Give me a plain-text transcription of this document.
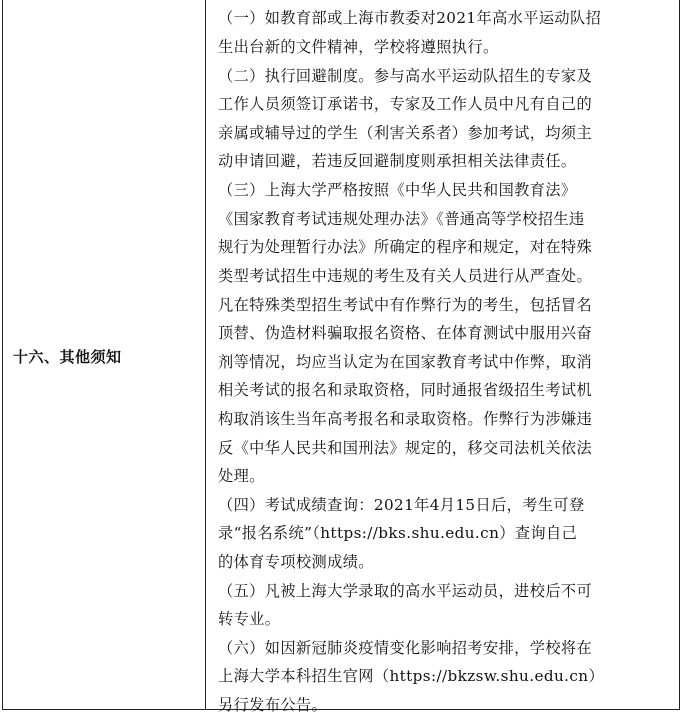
十六、其他须知
（一）如教育部或上海市教委对2021年高水平运动队招
生出台新的文件精神，学校将遵照执行。
（二）执行回避制度。参与高水平运动队招生的专家及
工作人员须签订承诺书，专家及工作人员中凡有自己的
亲属或辅导过的学生（利害关系者）参加考试，均须主
动申请回避，若违反回避制度则承担相关法律责任。
（三）上海大学严格按照《中华人民共和国教育法》
《国家教育考试违规处理办法》《普通高等学校招生违
规行为处理暂行办法》所确定的程序和规定，对在特殊
类型考试招生中违规的考生及有关人员进行从严查处。
凡在特殊类型招生考试中有作弊行为的考生，包括冒名
顶替、伪造材料骗取报名资格、在体育测试中服用兴奋
剂等情况，均应当认定为在国家教育考试中作弊，取消
相关考试的报名和录取资格，同时通报省级招生考试机
构取消该生当年高考报名和录取资格。作弊行为涉嫌违
反《中华人民共和国刑法》规定的，移交司法机关依法
处理。
（四）考试成绩查询：2021年4月15日后，考生可登
录“报名系统”（https://bks.shu.edu.cn）查询自己
的体育专项校测成绩。
（五）凡被上海大学录取的高水平运动员，进校后不可
转专业。
（六）如因新冠肺炎疫情变化影响招考安排，学校将在
上海大学本科招生官网（https://bkzsw.shu.edu.cn）
另行发布公告。
